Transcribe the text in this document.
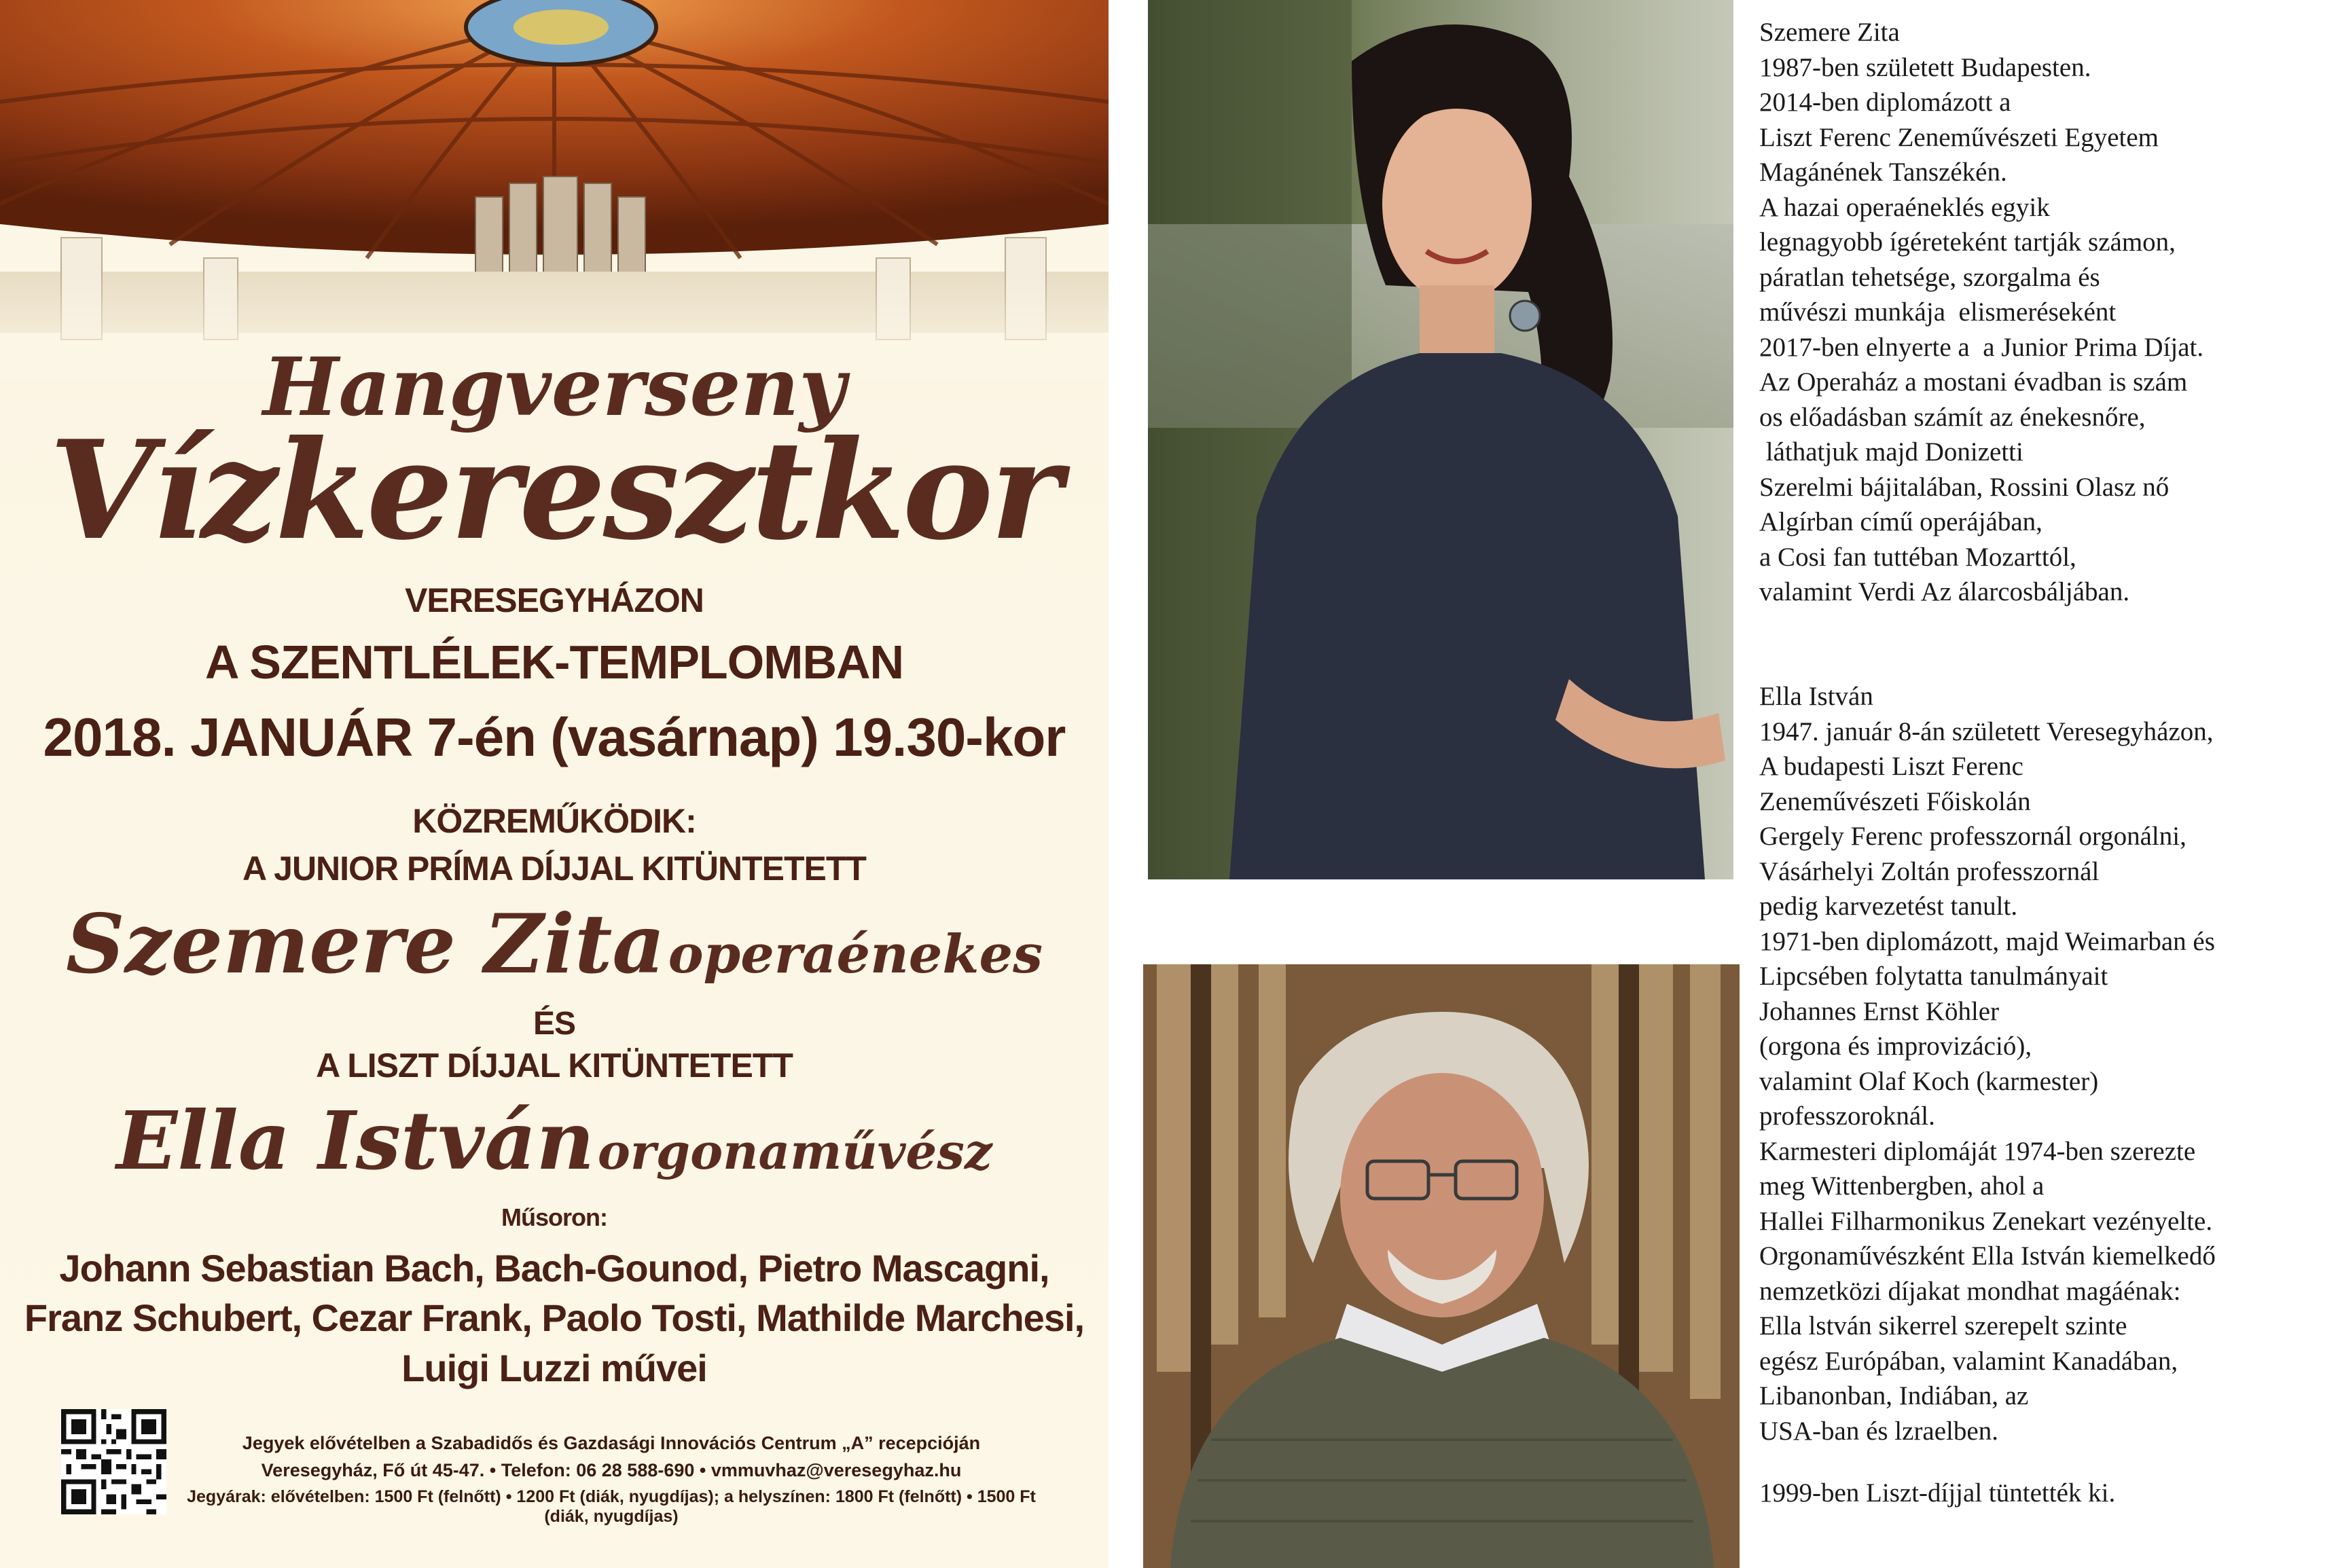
Hangverseny
Vízkeresztkor
VERESEGYHÁZON
A SZENTLÉLEK-TEMPLOMBAN
2018. JANUÁR 7-én (vasárnap) 19.30-kor
KÖZREMŰKÖDIK:
A JUNIOR PRÍMA DÍJJAL KITÜNTETETT
Szemere Zita operaénekes
ÉS
A LISZT DÍJJAL KITÜNTETETT
Ella István orgonaművész
Műsoron:
Johann Sebastian Bach, Bach-Gounod, Pietro Mascagni,
Franz Schubert, Cezar Frank, Paolo Tosti, Mathilde Marchesi,
Luigi Luzzi művei
Jegyek elővételben a Szabadidős és Gazdasági Innovációs Centrum „A” recepcióján
Veresegyház, Fő út 45-47. • Telefon: 06 28 588-690 • vmmuvhaz@veresegyhaz.hu
Jegyárak: elővételben: 1500 Ft (felnőtt) • 1200 Ft (diák, nyugdíjas); a helyszínen: 1800 Ft (felnőtt) • 1500 Ft (diák, nyugdíjas)
Szemere Zita
1987-ben született Budapesten.
2014-ben diplomázott a
Liszt Ferenc Zeneművészeti Egyetem
Magánének Tanszékén.
A hazai operaéneklés egyik
legnagyobb ígéreteként tartják számon,
páratlan tehetsége, szorgalma és
művészi munkája  elismeréseként
2017-ben elnyerte a  a Junior Prima Díjat.
Az Operaház a mostani évadban is szám
os előadásban számít az énekesnőre,
láthatjuk majd Donizetti
Szerelmi bájitalában, Rossini Olasz nő
Algírban című operájában,
a Cosi fan tuttéban Mozarttól,
valamint Verdi Az álarcosbáljában.
Ella István
1947. január 8-án született Veresegyházon,
A budapesti Liszt Ferenc
Zeneművészeti Főiskolán
Gergely Ferenc professzornál orgonálni,
Vásárhelyi Zoltán professzornál
pedig karvezetést tanult.
1971-ben diplomázott, majd Weimarban és
Lipcsében folytatta tanulmányait
Johannes Ernst Köhler
(orgona és improvizáció),
valamint Olaf Koch (karmester)
professzoroknál.
Karmesteri diplomáját 1974-ben szerezte
meg Wittenbergben, ahol a
Hallei Filharmonikus Zenekart vezényelte.
Orgonaművészként Ella István kiemelkedő
nemzetközi díjakat mondhat magáénak:
Ella lstván sikerrel szerepelt szinte
egész Európában, valamint Kanadában,
Libanonban, Indiában, az
USA-ban és lzraelben.
1999-ben Liszt-díjjal tüntették ki.
